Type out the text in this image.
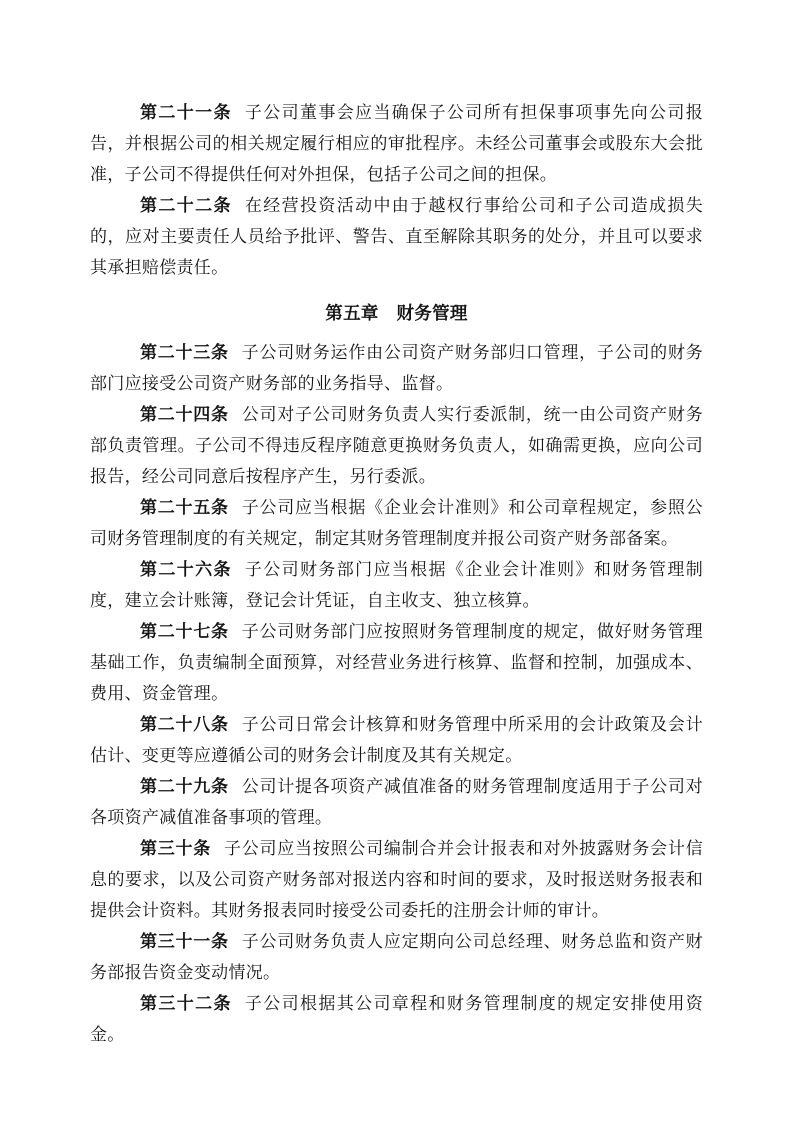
第二十一条 子公司董事会应当确保子公司所有担保事项事先向公司报告，并根据公司的相关规定履行相应的审批程序。未经公司董事会或股东大会批准，子公司不得提供任何对外担保，包括子公司之间的担保。

第二十二条 在经营投资活动中由于越权行事给公司和子公司造成损失的，应对主要责任人员给予批评、警告、直至解除其职务的处分，并且可以要求其承担赔偿责任。

第五章　财务管理

第二十三条 子公司财务运作由公司资产财务部归口管理，子公司的财务部门应接受公司资产财务部的业务指导、监督。

第二十四条 公司对子公司财务负责人实行委派制，统一由公司资产财务部负责管理。子公司不得违反程序随意更换财务负责人，如确需更换，应向公司报告，经公司同意后按程序产生，另行委派。

第二十五条 子公司应当根据《企业会计准则》和公司章程规定，参照公司财务管理制度的有关规定，制定其财务管理制度并报公司资产财务部备案。

第二十六条 子公司财务部门应当根据《企业会计准则》和财务管理制度，建立会计账簿，登记会计凭证，自主收支、独立核算。

第二十七条 子公司财务部门应按照财务管理制度的规定，做好财务管理基础工作，负责编制全面预算，对经营业务进行核算、监督和控制，加强成本、费用、资金管理。

第二十八条 子公司日常会计核算和财务管理中所采用的会计政策及会计估计、变更等应遵循公司的财务会计制度及其有关规定。

第二十九条 公司计提各项资产减值准备的财务管理制度适用于子公司对各项资产减值准备事项的管理。

第三十条 子公司应当按照公司编制合并会计报表和对外披露财务会计信息的要求，以及公司资产财务部对报送内容和时间的要求，及时报送财务报表和提供会计资料。其财务报表同时接受公司委托的注册会计师的审计。

第三十一条 子公司财务负责人应定期向公司总经理、财务总监和资产财务部报告资金变动情况。

第三十二条 子公司根据其公司章程和财务管理制度的规定安排使用资金。
